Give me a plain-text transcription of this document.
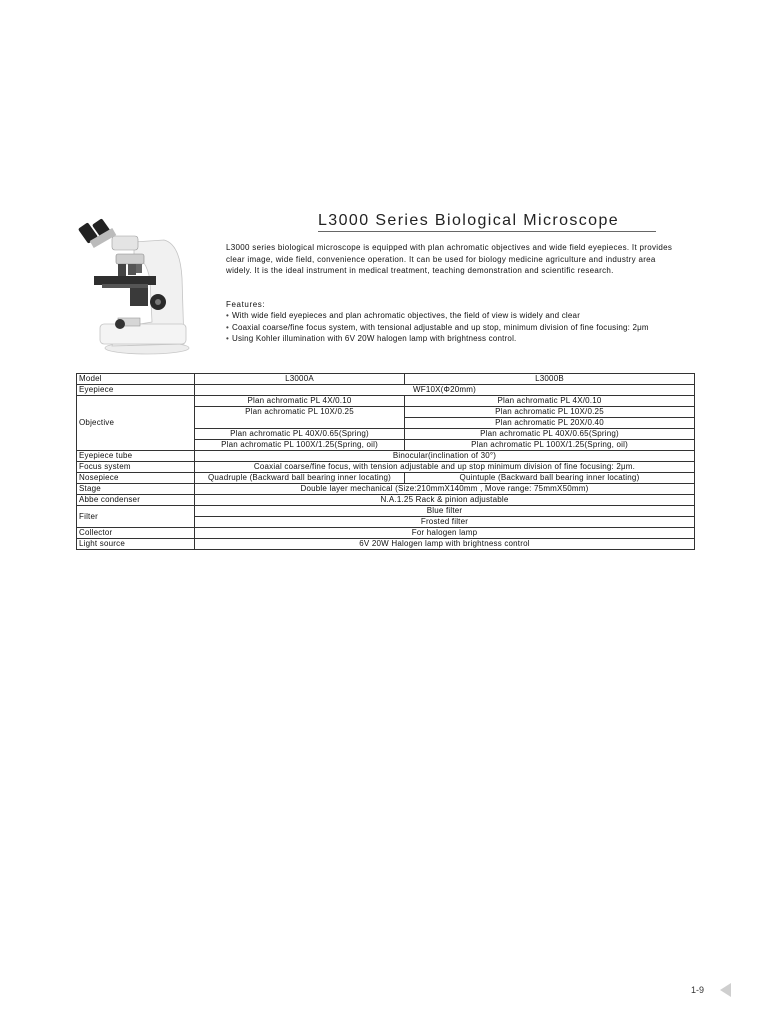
L3000 Series Biological Microscope

L3000 series biological microscope is equipped with plan achromatic objectives and wide field eyepieces. It provides clear image, wide field, convenience operation. It can be used for biology medicine agriculture and industry area widely. It is the ideal instrument in medical treatment, teaching demonstration and scientific research.

Features:
• With wide field eyepieces and plan achromatic objectives, the field of view is widely and clear
• Coaxial coarse/fine focus system, with tensional adjustable and up stop, minimum division of fine focusing: 2μm
• Using Kohler illumination with 6V 20W halogen lamp with brightness control.
Model	L3000A	L3000B
Eyepiece	WF10X(Φ20mm)	
Objective	Plan achromatic PL 4X/0.10	Plan achromatic PL 4X/0.10
	Plan achromatic PL 10X/0.25	Plan achromatic PL 10X/0.25
		Plan achromatic PL 20X/0.40
	Plan achromatic PL 40X/0.65(Spring)	Plan achromatic PL 40X/0.65(Spring)
	Plan achromatic PL 100X/1.25(Spring, oil)	Plan achromatic PL 100X/1.25(Spring, oil)
Eyepiece tube	Binocular(inclination of 30°)	
Focus system	Coaxial coarse/fine focus, with tension adjustable and up stop minimum division of fine focusing: 2μm.	
Nosepiece	Quadruple (Backward ball bearing inner locating)	Quintuple (Backward ball bearing inner locating)
Stage	Double layer mechanical (Size:210mmX140mm , Move range: 75mmX50mm)	
Abbe condenser	N.A.1.25 Rack & pinion adjustable	
Filter	Blue filter	
	Frosted filter	
Collector	For halogen lamp	
Light source	6V 20W Halogen lamp with brightness control	
1-9
